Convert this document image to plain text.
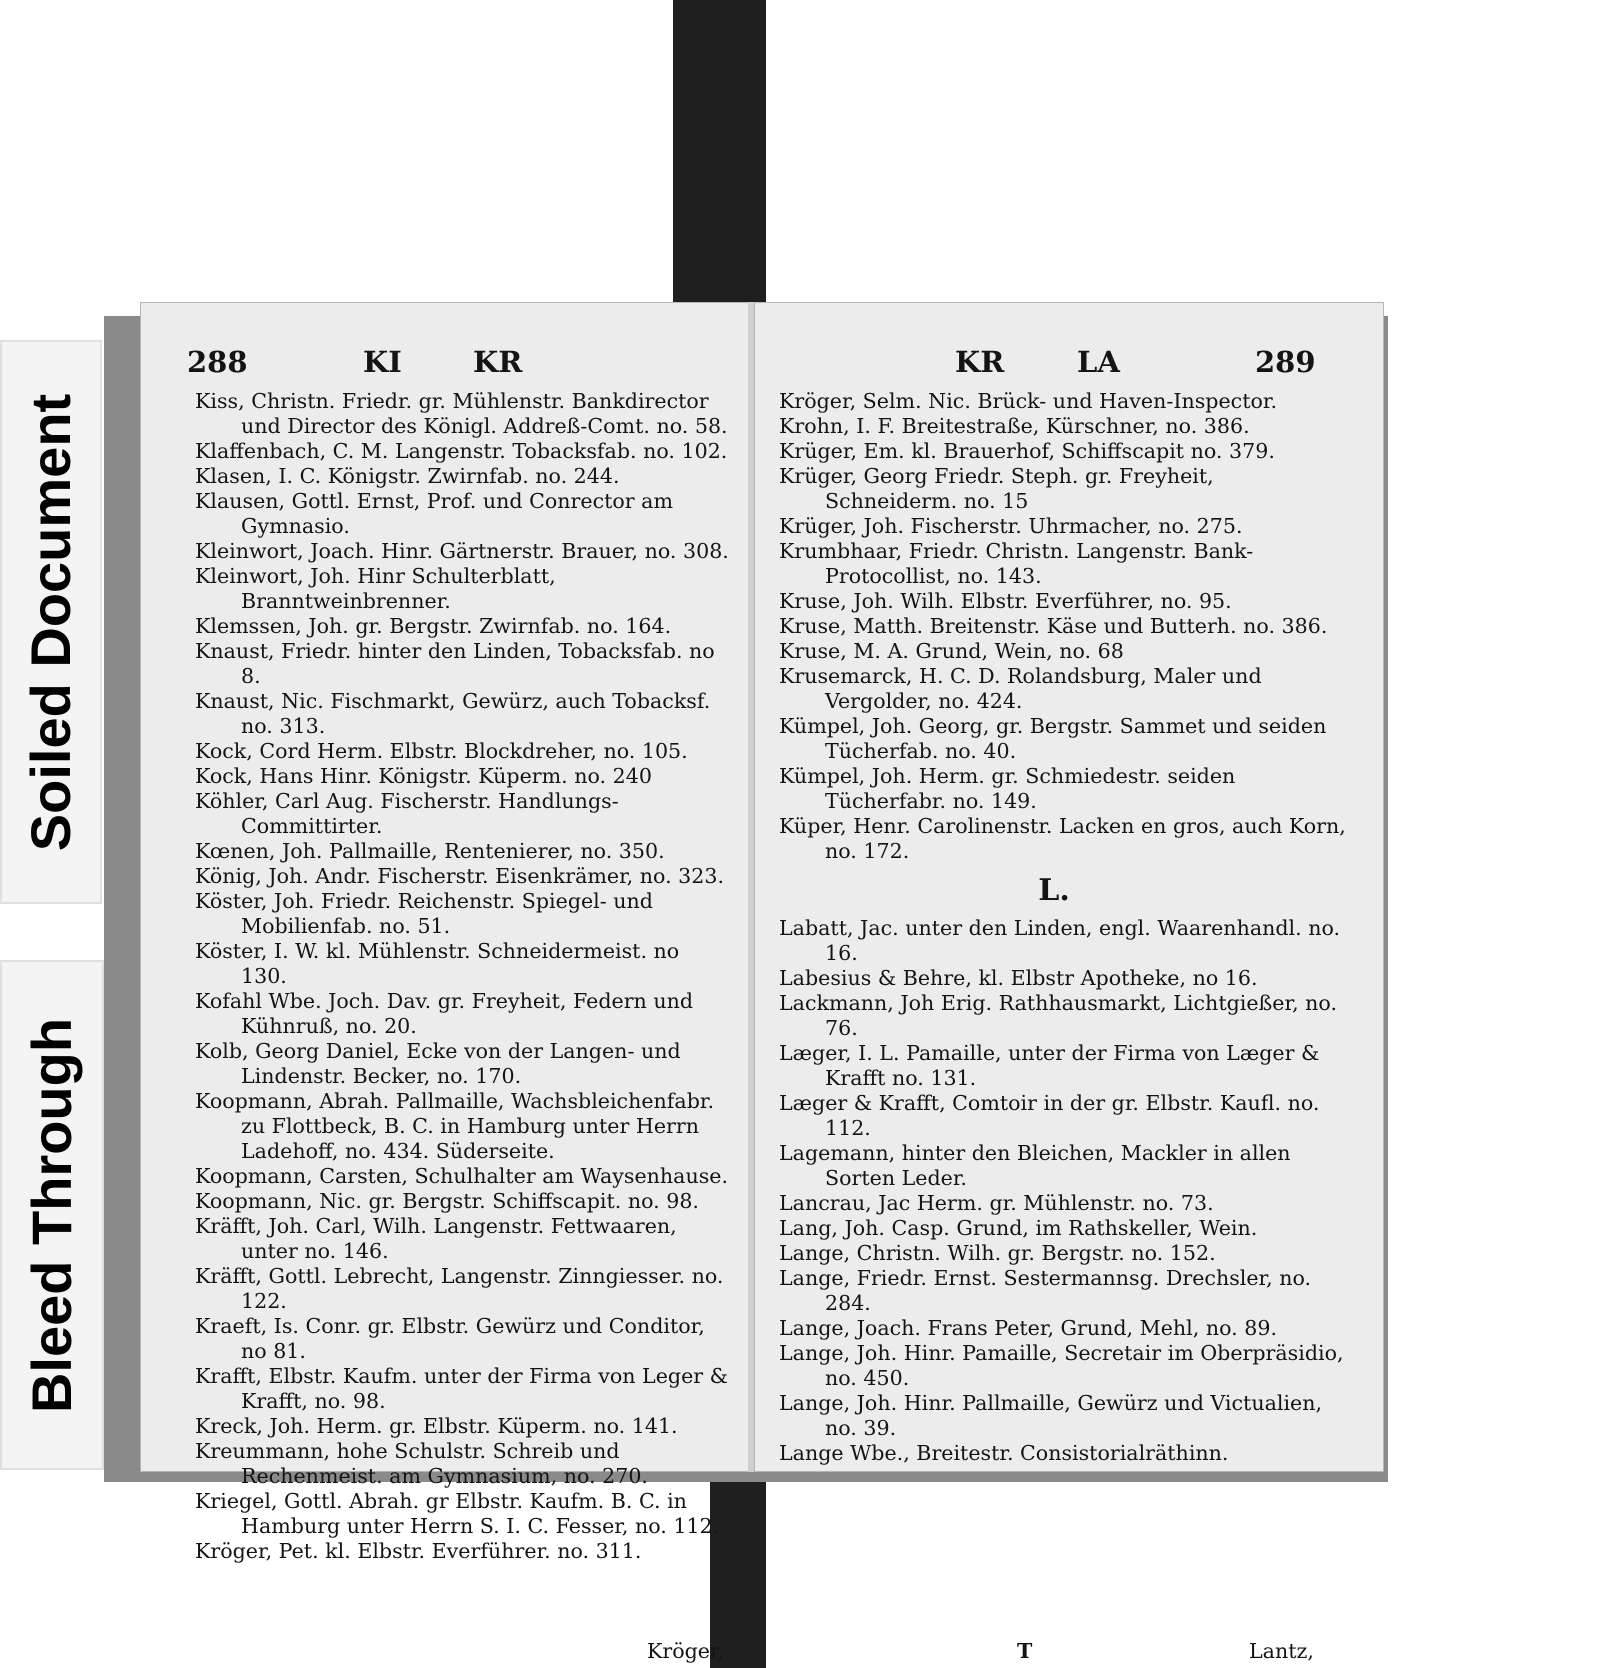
Soiled Document
Bleed Through
288	KI KR

Kiss, Christn. Friedr. gr. Mühlenstr. Bankdirector und Director des Königl. Addreß-Comt. no. 58.

Klaffenbach, C. M. Langenstr. Tobacksfab. no. 102.

Klasen, I. C. Königstr. Zwirnfab. no. 244.

Klausen, Gottl. Ernst, Prof. und Conrector am Gymnasio.

Kleinwort, Joach. Hinr. Gärtnerstr. Brauer, no. 308.

Kleinwort, Joh. Hinr Schulterblatt, Branntweinbrenner.

Klemssen, Joh. gr. Bergstr. Zwirnfab. no. 164.

Knaust, Friedr. hinter den Linden, Tobacksfab. no 8.

Knaust, Nic. Fischmarkt, Gewürz, auch Tobacksf. no. 313.

Kock, Cord Herm. Elbstr. Blockdreher, no. 105.

Kock, Hans Hinr. Königstr. Küperm. no. 240

Köhler, Carl Aug. Fischerstr. Handlungs-Committirter.

Kœnen, Joh. Pallmaille, Rentenierer, no. 350.

König, Joh. Andr. Fischerstr. Eisenkrämer, no. 323.

Köster, Joh. Friedr. Reichenstr. Spiegel- und Mobilienfab. no. 51.

Köster, I. W. kl. Mühlenstr. Schneidermeist. no 130.

Kofahl Wbe. Joch. Dav. gr. Freyheit, Federn und Kühnruß, no. 20.

Kolb, Georg Daniel, Ecke von der Langen- und Lindenstr. Becker, no. 170.

Koopmann, Abrah. Pallmaille, Wachsbleichenfabr. zu Flottbeck, B. C. in Hamburg unter Herrn Ladehoff, no. 434. Süderseite.

Koopmann, Carsten, Schulhalter am Waysenhause.

Koopmann, Nic. gr. Bergstr. Schiffscapit. no. 98.

Kräfft, Joh. Carl, Wilh. Langenstr. Fettwaaren, unter no. 146.

Kräfft, Gottl. Lebrecht, Langenstr. Zinngiesser. no. 122.

Kraeft, Is. Conr. gr. Elbstr. Gewürz und Conditor, no 81.

Krafft, Elbstr. Kaufm. unter der Firma von Leger & Krafft, no. 98.

Kreck, Joh. Herm. gr. Elbstr. Küperm. no. 141.

Kreummann, hohe Schulstr. Schreib und Rechenmeist. am Gymnasium, no. 270.

Kriegel, Gottl. Abrah. gr Elbstr. Kaufm. B. C. in Hamburg unter Herrn S. I. C. Fesser, no. 112.

Kröger, Pet. kl. Elbstr. Everführer. no. 311.

Kröger,
KR	LA	289

Kröger, Selm. Nic. Brück- und Haven-Inspector.

Krohn, I. F. Breitestraße, Kürschner, no. 386.

Krüger, Em. kl. Brauerhof, Schiffscapit no. 379.

Krüger, Georg Friedr. Steph. gr. Freyheit, Schneiderm. no. 15

Krüger, Joh. Fischerstr. Uhrmacher, no. 275.

Krumbhaar, Friedr. Christn. Langenstr. Bank-Protocollist, no. 143.

Kruse, Joh. Wilh. Elbstr. Everführer, no. 95.

Kruse, Matth. Breitenstr. Käse und Butterh. no. 386.

Kruse, M. A. Grund, Wein, no. 68

Krusemarck, H. C. D. Rolandsburg, Maler und Vergolder, no. 424.

Kümpel, Joh. Georg, gr. Bergstr. Sammet und seiden Tücherfab. no. 40.

Kümpel, Joh. Herm. gr. Schmiedestr. seiden Tücherfabr. no. 149.

Küper, Henr. Carolinenstr. Lacken en gros, auch Korn, no. 172.

L.

Labatt, Jac. unter den Linden, engl. Waarenhandl. no. 16.

Labesius & Behre, kl. Elbstr Apotheke, no 16.

Lackmann, Joh Erig. Rathhausmarkt, Lichtgießer, no. 76.

Læger, I. L. Pamaille, unter der Firma von Læger & Krafft no. 131.

Læger & Krafft, Comtoir in der gr. Elbstr. Kaufl. no. 112.

Lagemann, hinter den Bleichen, Mackler in allen Sorten Leder.

Lancrau, Jac Herm. gr. Mühlenstr. no. 73.

Lang, Joh. Casp. Grund, im Rathskeller, Wein.

Lange, Christn. Wilh. gr. Bergstr. no. 152.

Lange, Friedr. Ernst. Sestermannsg. Drechsler, no. 284.

Lange, Joach. Frans Peter, Grund, Mehl, no. 89.

Lange, Joh. Hinr. Pamaille, Secretair im Oberpräsidio, no. 450.

Lange, Joh. Hinr. Pallmaille, Gewürz und Victualien, no. 39.

Lange Wbe., Breitestr. Consistorialräthinn.

T	Lantz,
